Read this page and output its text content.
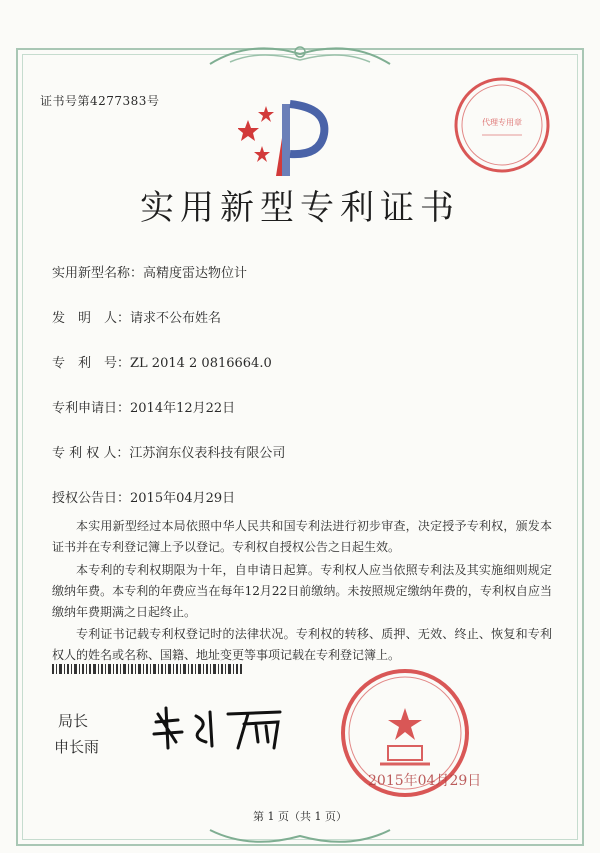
证书号第4277383号
代理专用章
实用新型专利证书
实用新型名称：高精度雷达物位计
发　明　人：请求不公布姓名
专　利　号：ZL 2014 2 0816664.0
专利申请日：2014年12月22日
专 利 权 人：江苏润东仪表科技有限公司
授权公告日：2015年04月29日
本实用新型经过本局依照中华人民共和国专利法进行初步审查，决定授予专利权，颁发本证书并在专利登记簿上予以登记。专利权自授权公告之日起生效。
本专利的专利权期限为十年，自申请日起算。专利权人应当依照专利法及其实施细则规定缴纳年费。本专利的年费应当在每年12月22日前缴纳。未按照规定缴纳年费的，专利权自应当缴纳年费期满之日起终止。
专利证书记载专利权登记时的法律状况。专利权的转移、质押、无效、终止、恢复和专利权人的姓名或名称、国籍、地址变更等事项记载在专利登记簿上。
局长
申长雨
2015年04月29日
第 1 页（共 1 页）
